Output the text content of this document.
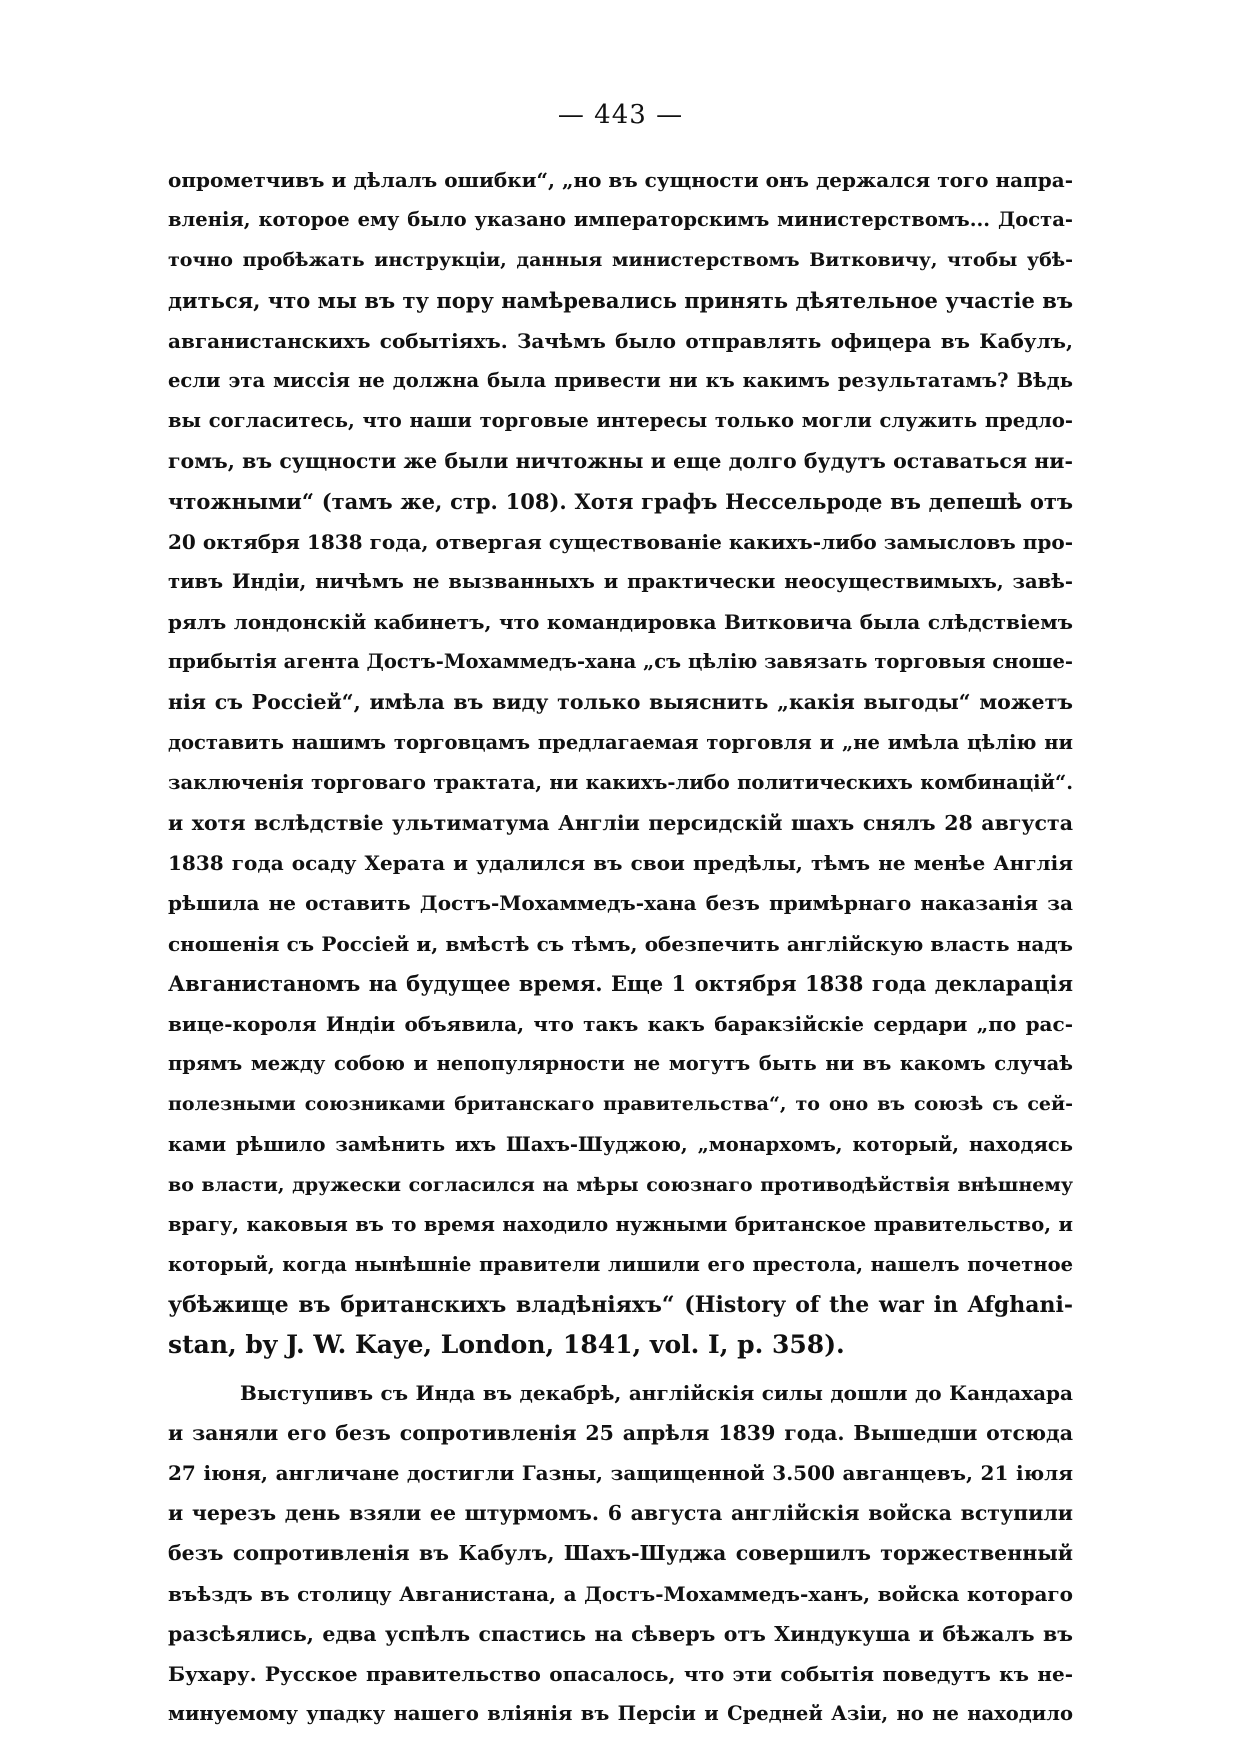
— 443 —
опрометчивъ и дѣлалъ ошибки“, „но въ сущности онъ держался того напра-
вленія, которое ему было указано императорскимъ министерствомъ... Доста-
точно пробѣжать инструкціи, данныя министерствомъ Витковичу, чтобы убѣ-
диться, что мы въ ту пору намѣревались принять дѣятельное участіе въ
авганистанскихъ событіяхъ. Зачѣмъ было отправлять офицера въ Кабулъ,
если эта миссія не должна была привести ни къ какимъ результатамъ? Вѣдь
вы согласитесь, что наши торговые интересы только могли служить предло-
гомъ, въ сущности же были ничтожны и еще долго будутъ оставаться ни-
чтожными“ (тамъ же, стр. 108). Хотя графъ Нессельроде въ депешѣ отъ
20 октября 1838 года, отвергая существованіе какихъ-либо замысловъ про-
тивъ Индіи, ничѣмъ не вызванныхъ и практически неосуществимыхъ, завѣ-
рялъ лондонскій кабинетъ, что командировка Витковича была слѣдствіемъ
прибытія агента Достъ-Мохаммедъ-хана „съ цѣлію завязать торговыя снoше-
нія съ Россіей“, имѣла въ виду только выяснить „какія выгоды“ можетъ
доставить нашимъ торговцамъ предлагаемая торговля и „не имѣла цѣлію ни
заключенія торговаго трактата, ни какихъ-либо политическихъ комбинацій“.
и хотя вслѣдствіе ультиматума Англіи персидскій шахъ снялъ 28 августа
1838 года осаду Херата и удалился въ свои предѣлы, тѣмъ не менѣе Англія
рѣшила не оставить Достъ-Мохаммедъ-хана безъ примѣрнаго наказанія за
сношенія съ Россіей и, вмѣстѣ съ тѣмъ, обезпечить англійскую власть надъ
Авганистаномъ на будущее время. Еще 1 октября 1838 года декларація
вице-короля Индіи объявила, что такъ какъ баракзійскіе сердари „по рас-
прямъ между собою и непопулярности не могутъ быть ни въ какомъ случаѣ
полезными союзниками британскаго правительства“, то оно въ союзѣ съ сей-
ками рѣшило замѣнить ихъ Шахъ-Шуджою, „монархомъ, который, находясь
во власти, дружески согласился на мѣры союзнаго противодѣйствія внѣшнему
врагу, каковыя въ то время находило нужными британское правительство, и
который, когда нынѣшніе правители лишили его престола, нашелъ почетное
убѣжище въ британскихъ владѣніяхъ“ (History of the war in Afghani-
stan, by J. W. Kaye, London, 1841, vol. I, p. 358).
Выступивъ съ Инда въ декабрѣ, англійскія силы дошли до Кандахара
и заняли его безъ сопротивленія 25 апрѣля 1839 года. Вышедши отсюда
27 іюня, англичане достигли Газны, защищенной 3.500 авганцевъ, 21 іюля
и черезъ день взяли ее штурмомъ. 6 августа англійскія войска вступили
безъ сопротивленія въ Кабулъ, Шахъ-Шуджа совершилъ торжественный
въѣздъ въ столицу Авганистана, а Достъ-Мохаммедъ-ханъ, войска котораго
разсѣялись, едва успѣлъ спастись на сѣверъ отъ Хиндукуша и бѣжалъ въ
Бухару. Русское правительство опасалось, что эти событія поведутъ къ не-
минуемому упадку нашего вліянія въ Персіи и Средней Азіи, но не находило
